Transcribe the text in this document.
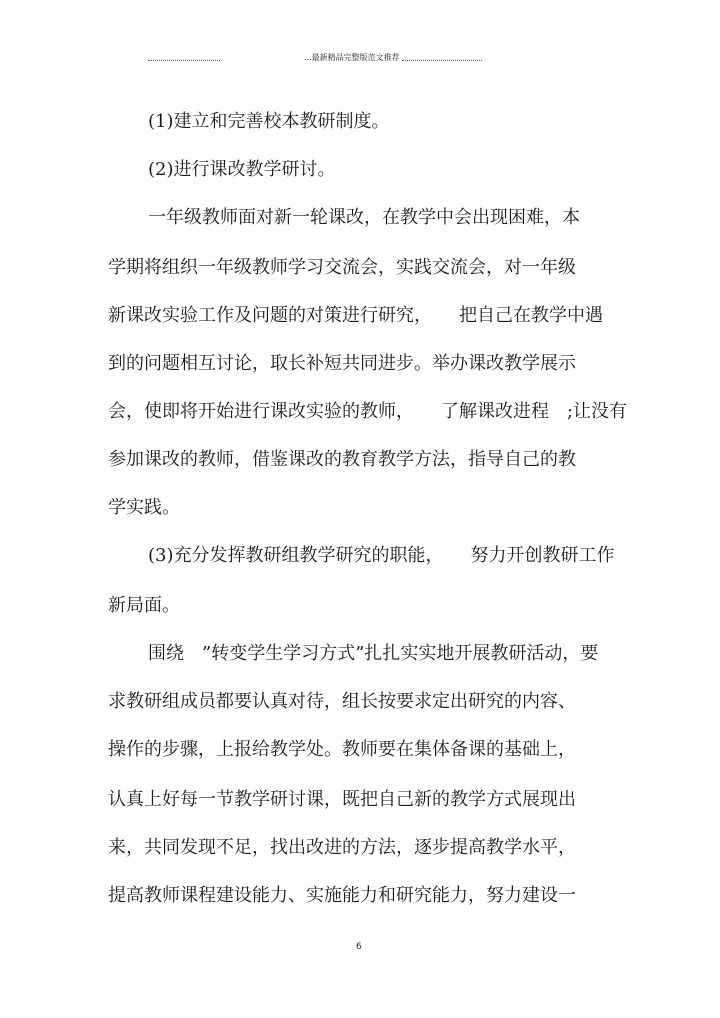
...最新精品完整版范文推荐
(1)建立和完善校本教研制度。
(2)进行课改教学研讨。
一年级教师面对新一轮课改，在教学中会出现困难，本
学期将组织一年级教师学习交流会，实践交流会，对一年级
新课改实验工作及问题的对策进行研究，　　把自己在教学中遇
到的问题相互讨论，取长补短共同进步。举办课改教学展示
会，使即将开始进行课改实验的教师，　　了解课改进程　;让没有
参加课改的教师，借鉴课改的教育教学方法，指导自己的教
学实践。
(3)充分发挥教研组教学研究的职能，　　努力开创教研工作
新局面。
围绕　”转变学生学习方式”扎扎实实地开展教研活动，要
求教研组成员都要认真对待，组长按要求定出研究的内容、
操作的步骤，上报给教学处。教师要在集体备课的基础上，
认真上好每一节教学研讨课，既把自己新的教学方式展现出
来，共同发现不足，找出改进的方法，逐步提高教学水平，
提高教师课程建设能力、实施能力和研究能力，努力建设一
6
